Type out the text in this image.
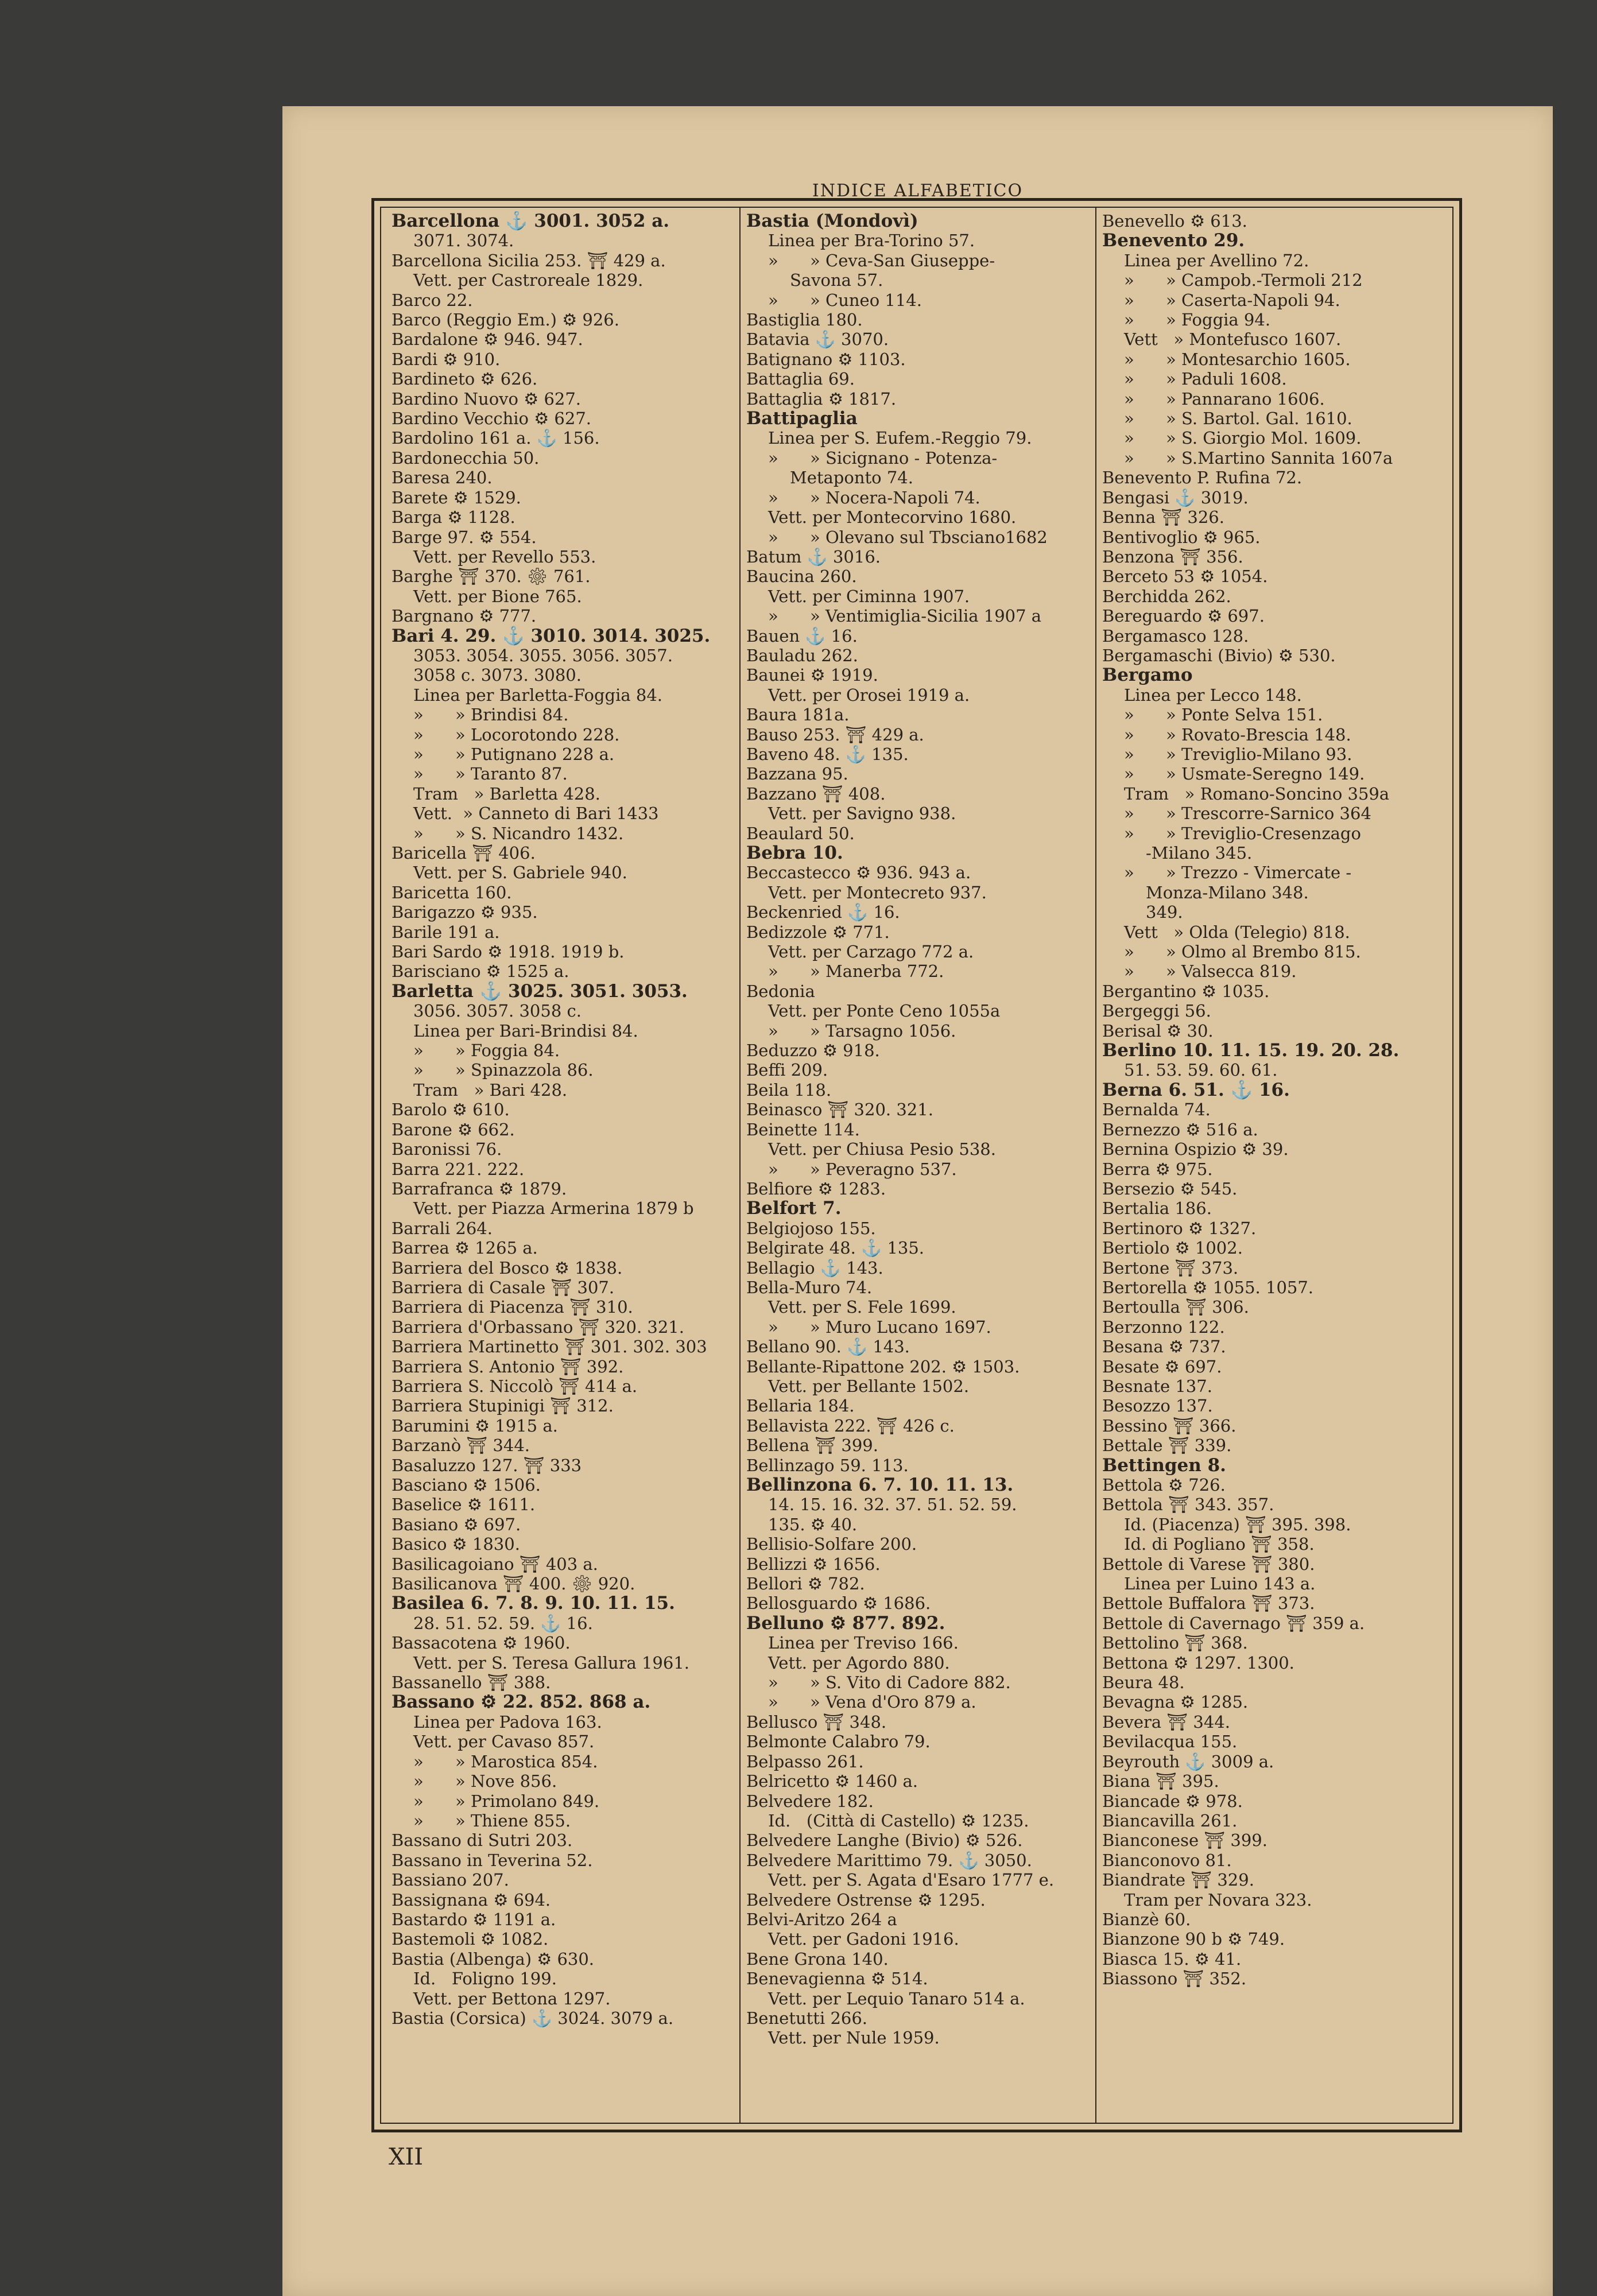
INDICE ALFABETICO

Barcellona ⚓ 3001. 3052 a.

3071. 3074.

Barcellona Sicilia 253. ⛩ 429 a.

Vett. per Castroreale 1829.

Barco 22.

Barco (Reggio Em.) ⚙ 926.

Bardalone ⚙ 946. 947.

Bardi ⚙ 910.

Bardineto ⚙ 626.

Bardino Nuovo ⚙ 627.

Bardino Vecchio ⚙ 627.

Bardolino 161 a. ⚓ 156.

Bardonecchia 50.

Baresa 240.

Barete ⚙ 1529.

Barga ⚙ 1128.

Barge 97. ⚙ 554.

Vett. per Revello 553.

Barghe ⛩ 370. ⚙ 761.

Vett. per Bione 765.

Bargnano ⚙ 777.

Bari 4. 29. ⚓ 3010. 3014. 3025.

3053. 3054. 3055. 3056. 3057.

3058 c. 3073. 3080.

Linea per Barletta-Foggia 84.

»      » Brindisi 84.

»      » Locorotondo 228.

»      » Putignano 228 a.

»      » Taranto 87.

Tram   » Barletta 428.

Vett.  » Canneto di Bari 1433

»      » S. Nicandro 1432.

Baricella ⛩ 406.

Vett. per S. Gabriele 940.

Baricetta 160.

Barigazzo ⚙ 935.

Barile 191 a.

Bari Sardo ⚙ 1918. 1919 b.

Barisciano ⚙ 1525 a.

Barletta ⚓ 3025. 3051. 3053.

3056. 3057. 3058 c.

Linea per Bari-Brindisi 84.

»      » Foggia 84.

»      » Spinazzola 86.

Tram   » Bari 428.

Barolo ⚙ 610.

Barone ⚙ 662.

Baronissi 76.

Barra 221. 222.

Barrafranca ⚙ 1879.

Vett. per Piazza Armerina 1879 b

Barrali 264.

Barrea ⚙ 1265 a.

Barriera del Bosco ⚙ 1838.

Barriera di Casale ⛩ 307.

Barriera di Piacenza ⛩ 310.

Barriera d'Orbassano ⛩ 320. 321.

Barriera Martinetto ⛩ 301. 302. 303

Barriera S. Antonio ⛩ 392.

Barriera S. Niccolò ⛩ 414 a.

Barriera Stupinigi ⛩ 312.

Barumini ⚙ 1915 a.

Barzanò ⛩ 344.

Basaluzzo 127. ⛩ 333

Basciano ⚙ 1506.

Baselice ⚙ 1611.

Basiano ⚙ 697.

Basico ⚙ 1830.

Basilicagoiano ⛩ 403 a.

Basilicanova ⛩ 400. ⚙ 920.

Basilea 6. 7. 8. 9. 10. 11. 15.

28. 51. 52. 59. ⚓ 16.

Bassacotena ⚙ 1960.

Vett. per S. Teresa Gallura 1961.

Bassanello ⛩ 388.

Bassano ⚙ 22. 852. 868 a.

Linea per Padova 163.

Vett. per Cavaso 857.

»      » Marostica 854.

»      » Nove 856.

»      » Primolano 849.

»      » Thiene 855.

Bassano di Sutri 203.

Bassano in Teverina 52.

Bassiano 207.

Bassignana ⚙ 694.

Bastardo ⚙ 1191 a.

Bastemoli ⚙ 1082.

Bastia (Albenga) ⚙ 630.

Id.   Foligno 199.

Vett. per Bettona 1297.

Bastia (Corsica) ⚓ 3024. 3079 a.

Bastia (Mondovì)

Linea per Bra-Torino 57.

»      » Ceva-San Giuseppe-

Savona 57.

»      » Cuneo 114.

Bastiglia 180.

Batavia ⚓ 3070.

Batignano ⚙ 1103.

Battaglia 69.

Battaglia ⚙ 1817.

Battipaglia

Linea per S. Eufem.-Reggio 79.

»      » Sicignano - Potenza-

Metaponto 74.

»      » Nocera-Napoli 74.

Vett. per Montecorvino 1680.

»      » Olevano sul Tbsciano1682

Batum ⚓ 3016.

Baucina 260.

Vett. per Ciminna 1907.

»      » Ventimiglia-Sicilia 1907 a

Bauen ⚓ 16.

Bauladu 262.

Baunei ⚙ 1919.

Vett. per Orosei 1919 a.

Baura 181a.

Bauso 253. ⛩ 429 a.

Baveno 48. ⚓ 135.

Bazzana 95.

Bazzano ⛩ 408.

Vett. per Savigno 938.

Beaulard 50.

Bebra 10.

Beccastecco ⚙ 936. 943 a.

Vett. per Montecreto 937.

Beckenried ⚓ 16.

Bedizzole ⚙ 771.

Vett. per Carzago 772 a.

»      » Manerba 772.

Bedonia

Vett. per Ponte Ceno 1055a

»      » Tarsagno 1056.

Beduzzo ⚙ 918.

Beffi 209.

Beila 118.

Beinasco ⛩ 320. 321.

Beinette 114.

Vett. per Chiusa Pesio 538.

»      » Peveragno 537.

Belfiore ⚙ 1283.

Belfort 7.

Belgiojoso 155.

Belgirate 48. ⚓ 135.

Bellagio ⚓ 143.

Bella-Muro 74.

Vett. per S. Fele 1699.

»      » Muro Lucano 1697.

Bellano 90. ⚓ 143.

Bellante-Ripattone 202. ⚙ 1503.

Vett. per Bellante 1502.

Bellaria 184.

Bellavista 222. ⛩ 426 c.

Bellena ⛩ 399.

Bellinzago 59. 113.

Bellinzona 6. 7. 10. 11. 13.

14. 15. 16. 32. 37. 51. 52. 59.

135. ⚙ 40.

Bellisio-Solfare 200.

Bellizzi ⚙ 1656.

Bellori ⚙ 782.

Bellosguardo ⚙ 1686.

Belluno ⚙ 877. 892.

Linea per Treviso 166.

Vett. per Agordo 880.

»      » S. Vito di Cadore 882.

»      » Vena d'Oro 879 a.

Bellusco ⛩ 348.

Belmonte Calabro 79.

Belpasso 261.

Belricetto ⚙ 1460 a.

Belvedere 182.

Id.   (Città di Castello) ⚙ 1235.

Belvedere Langhe (Bivio) ⚙ 526.

Belvedere Marittimo 79. ⚓ 3050.

Vett. per S. Agata d'Esaro 1777 e.

Belvedere Ostrense ⚙ 1295.

Belvi-Aritzo 264 a

Vett. per Gadoni 1916.

Bene Grona 140.

Benevagienna ⚙ 514.

Vett. per Lequio Tanaro 514 a.

Benetutti 266.

Vett. per Nule 1959.

Benevello ⚙ 613.

Benevento 29.

Linea per Avellino 72.

»      » Campob.-Termoli 212

»      » Caserta-Napoli 94.

»      » Foggia 94.

Vett   » Montefusco 1607.

»      » Montesarchio 1605.

»      » Paduli 1608.

»      » Pannarano 1606.

»      » S. Bartol. Gal. 1610.

»      » S. Giorgio Mol. 1609.

»      » S.Martino Sannita 1607a

Benevento P. Rufina 72.

Bengasi ⚓ 3019.

Benna ⛩ 326.

Bentivoglio ⚙ 965.

Benzona ⛩ 356.

Berceto 53 ⚙ 1054.

Berchidda 262.

Bereguardo ⚙ 697.

Bergamasco 128.

Bergamaschi (Bivio) ⚙ 530.

Bergamo

Linea per Lecco 148.

»      » Ponte Selva 151.

»      » Rovato-Brescia 148.

»      » Treviglio-Milano 93.

»      » Usmate-Seregno 149.

Tram   » Romano-Soncino 359a

»      » Trescorre-Sarnico 364

»      » Treviglio-Cresenzago

-Milano 345.

»      » Trezzo - Vimercate -

Monza-Milano 348.

349.

Vett   » Olda (Telegio) 818.

»      » Olmo al Brembo 815.

»      » Valsecca 819.

Bergantino ⚙ 1035.

Bergeggi 56.

Berisal ⚙ 30.

Berlino 10. 11. 15. 19. 20. 28.

51. 53. 59. 60. 61.

Berna 6. 51. ⚓ 16.

Bernalda 74.

Bernezzo ⚙ 516 a.

Bernina Ospizio ⚙ 39.

Berra ⚙ 975.

Bersezio ⚙ 545.

Bertalia 186.

Bertinoro ⚙ 1327.

Bertiolo ⚙ 1002.

Bertone ⛩ 373.

Bertorella ⚙ 1055. 1057.

Bertoulla ⛩ 306.

Berzonno 122.

Besana ⚙ 737.

Besate ⚙ 697.

Besnate 137.

Besozzo 137.

Bessino ⛩ 366.

Bettale ⛩ 339.

Bettingen 8.

Bettola ⚙ 726.

Bettola ⛩ 343. 357.

Id. (Piacenza) ⛩ 395. 398.

Id. di Pogliano ⛩ 358.

Bettole di Varese ⛩ 380.

Linea per Luino 143 a.

Bettole Buffalora ⛩ 373.

Bettole di Cavernago ⛩ 359 a.

Bettolino ⛩ 368.

Bettona ⚙ 1297. 1300.

Beura 48.

Bevagna ⚙ 1285.

Bevera ⛩ 344.

Bevilacqua 155.

Beyrouth ⚓ 3009 a.

Biana ⛩ 395.

Biancade ⚙ 978.

Biancavilla 261.

Bianconese ⛩ 399.

Bianconovo 81.

Biandrate ⛩ 329.

Tram per Novara 323.

Bianzè 60.

Bianzone 90 b ⚙ 749.

Biasca 15. ⚙ 41.

Biassono ⛩ 352.

XII
